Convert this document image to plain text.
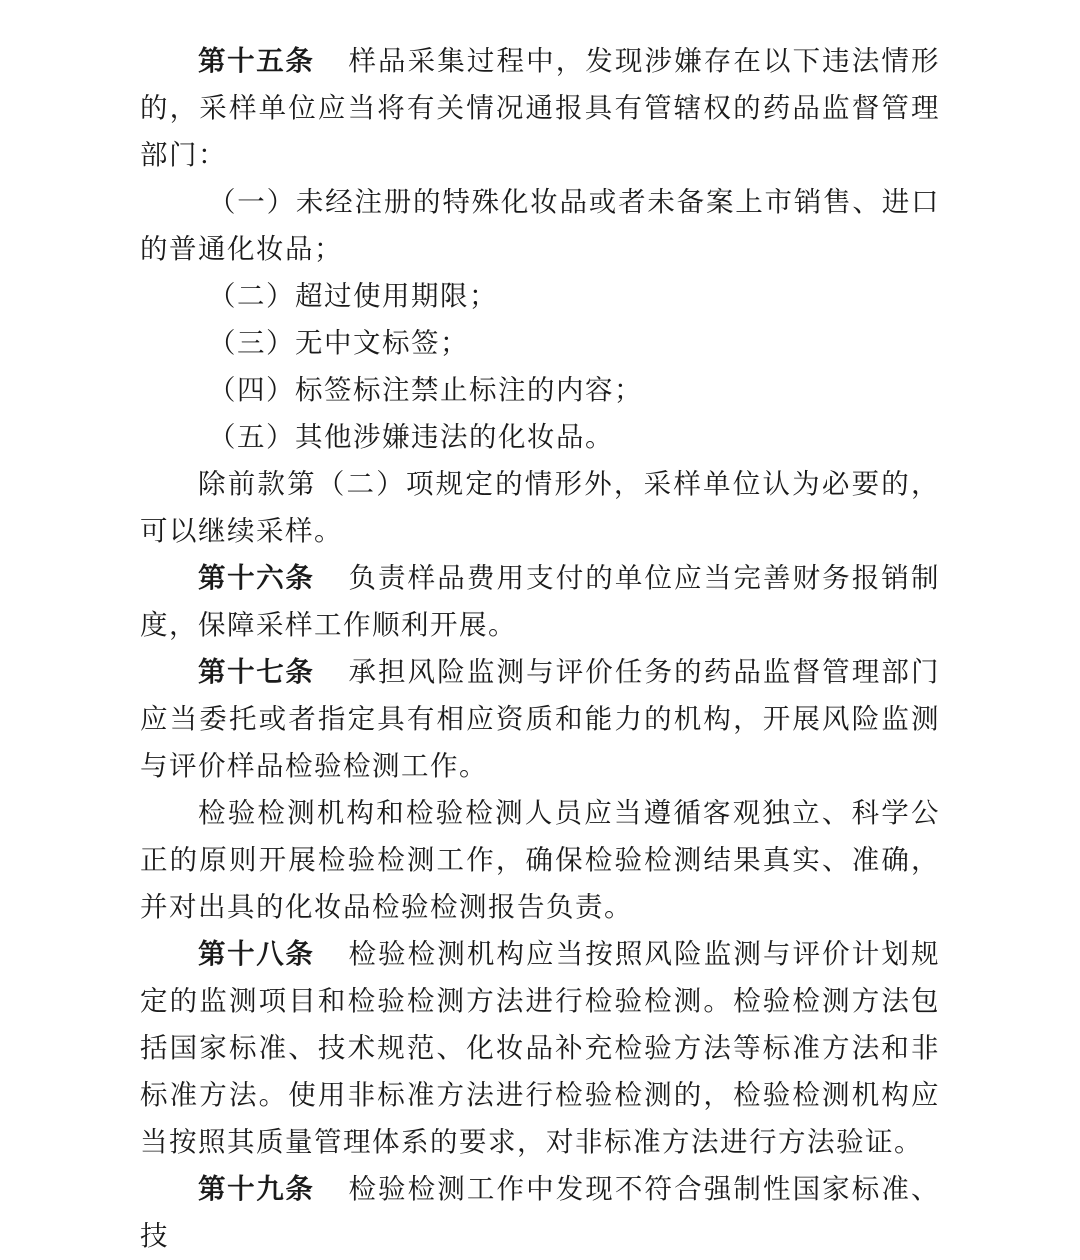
第十五条 样品采集过程中，发现涉嫌存在以下违法情形的，采样单位应当将有关情况通报具有管辖权的药品监督管理部门：

（一）未经注册的特殊化妆品或者未备案上市销售、进口的普通化妆品；

（二）超过使用期限；

（三）无中文标签；

（四）标签标注禁止标注的内容；

（五）其他涉嫌违法的化妆品。

除前款第（二）项规定的情形外，采样单位认为必要的，可以继续采样。

第十六条 负责样品费用支付的单位应当完善财务报销制度，保障采样工作顺利开展。

第十七条 承担风险监测与评价任务的药品监督管理部门应当委托或者指定具有相应资质和能力的机构，开展风险监测与评价样品检验检测工作。

检验检测机构和检验检测人员应当遵循客观独立、科学公正的原则开展检验检测工作，确保检验检测结果真实、准确，并对出具的化妆品检验检测报告负责。

第十八条 检验检测机构应当按照风险监测与评价计划规定的监测项目和检验检测方法进行检验检测。检验检测方法包括国家标准、技术规范、化妆品补充检验方法等标准方法和非标准方法。使用非标准方法进行检验检测的，检验检测机构应当按照其质量管理体系的要求，对非标准方法进行方法验证。

第十九条 检验检测工作中发现不符合强制性国家标准、技
